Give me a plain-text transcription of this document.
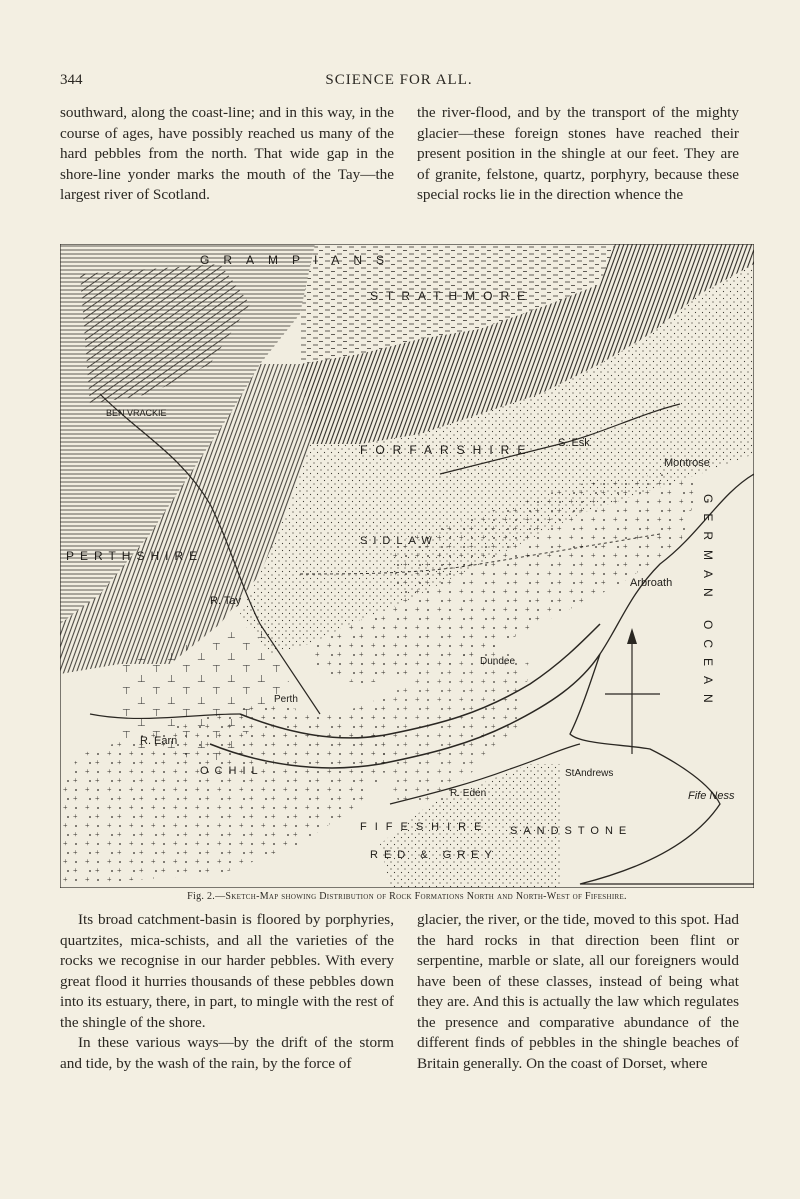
344	SCIENCE FOR ALL.

southward, along the coast-line; and in this way, in the course of ages, have possibly reached us many of the hard pebbles from the north. That wide gap in the shore-line yonder marks the mouth of the Tay—the largest river of Scotland.

the river-flood, and by the transport of the mighty glacier—these foreign stones have reached their present position in the shingle at our feet. They are of granite, felstone, quartz, porphyry, because these special rocks lie in the direction whence the

GRAMPIANS
STRATHMORE
BEN VRACKIE
PERTHSHIRE
FORFARSHIRE S. Esk
Montrose
Arbroath
Dundee
Perth
R. Tay
R. Earn
R. Eden
StAndrews
Fife Ness
OCHIL
SIDLAW
FIFESHIRE
RED & GREY
SANDSTONE
GERMAN OCEAN
Fig. 2.—Sketch-Map showing Distribution of Rock Formations North and North-West of Fifeshire.

Its broad catchment-basin is floored by porphyries, quartzites, mica-schists, and all the varieties of the rocks we recognise in our harder pebbles. With every great flood it hurries thousands of these pebbles down into its estuary, there, in part, to mingle with the rest of the shingle of the shore.

In these various ways—by the drift of the storm and tide, by the wash of the rain, by the force of

glacier, the river, or the tide, moved to this spot. Had the hard rocks in that direction been flint or serpentine, marble or slate, all our foreigners would have been of these classes, instead of being what they are. And this is actually the law which regulates the presence and comparative abundance of the different finds of pebbles in the shingle beaches of Britain generally. On the coast of Dorset, where
